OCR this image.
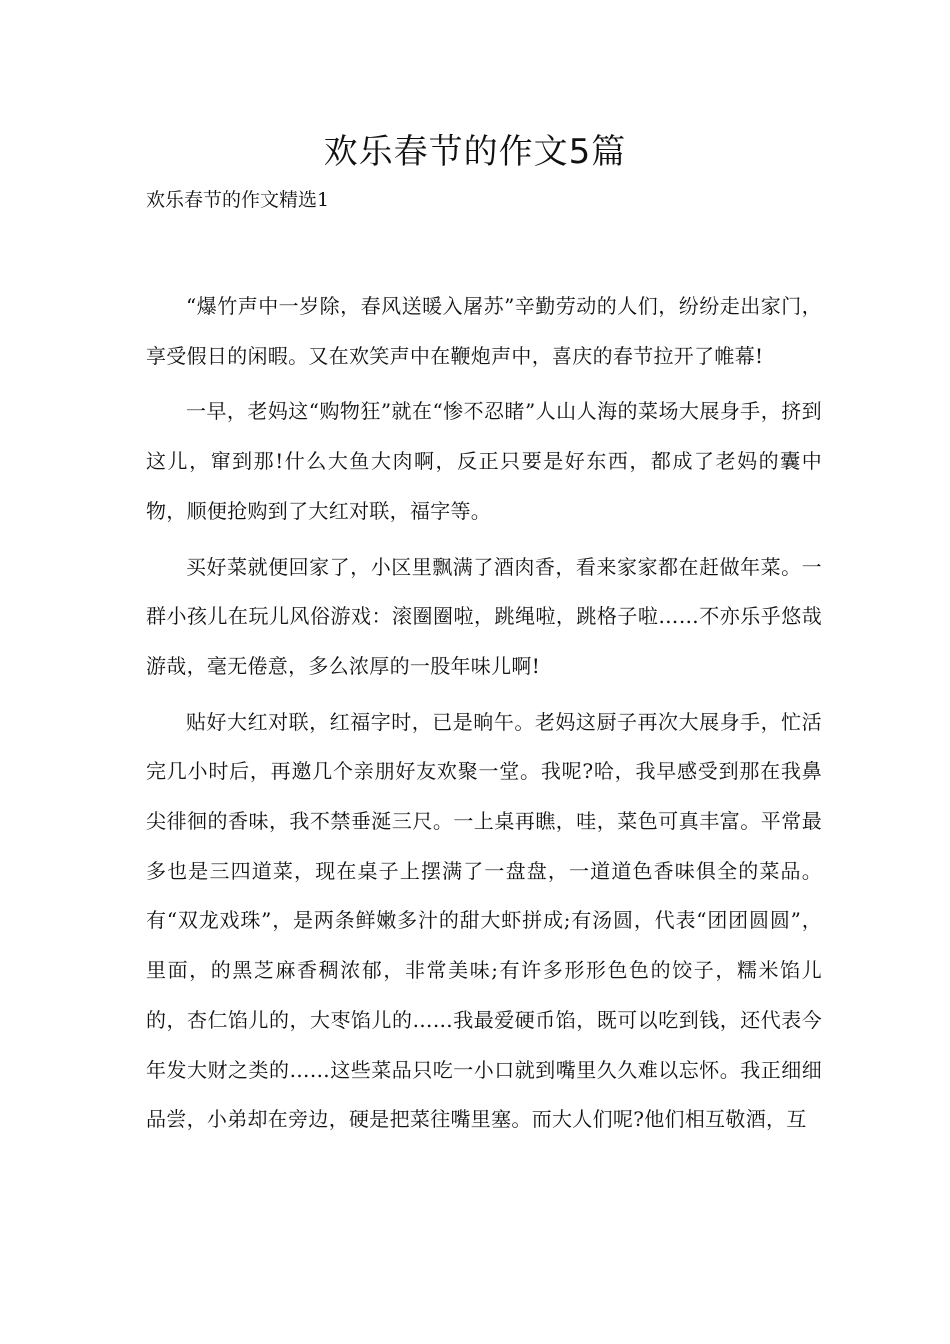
欢乐春节的作文5篇

欢乐春节的作文精选1

“爆竹声中一岁除，春风送暖入屠苏”辛勤劳动的人们，纷纷走出家门，享受假日的闲暇。又在欢笑声中在鞭炮声中，喜庆的春节拉开了帷幕!

一早，老妈这“购物狂”就在“惨不忍睹”人山人海的菜场大展身手，挤到这儿，窜到那!什么大鱼大肉啊，反正只要是好东西，都成了老妈的囊中物，顺便抢购到了大红对联，福字等。

买好菜就便回家了，小区里飘满了酒肉香，看来家家都在赶做年菜。一群小孩儿在玩儿风俗游戏：滚圈圈啦，跳绳啦，跳格子啦……不亦乐乎悠哉游哉，毫无倦意，多么浓厚的一股年味儿啊!

贴好大红对联，红福字时，已是晌午。老妈这厨子再次大展身手，忙活完几小时后，再邀几个亲朋好友欢聚一堂。我呢?哈，我早感受到那在我鼻尖徘徊的香味，我不禁垂涎三尺。一上桌再瞧，哇，菜色可真丰富。平常最多也是三四道菜，现在桌子上摆满了一盘盘，一道道色香味俱全的菜品。有“双龙戏珠”，是两条鲜嫩多汁的甜大虾拼成;有汤圆，代表“团团圆圆”，里面，的黑芝麻香稠浓郁，非常美味;有许多形形色色的饺子，糯米馅儿的，杏仁馅儿的，大枣馅儿的……我最爱硬币馅，既可以吃到钱，还代表今年发大财之类的……这些菜品只吃一小口就到嘴里久久难以忘怀。我正细细品尝，小弟却在旁边，硬是把菜往嘴里塞。而大人们呢?他们相互敬酒，互
